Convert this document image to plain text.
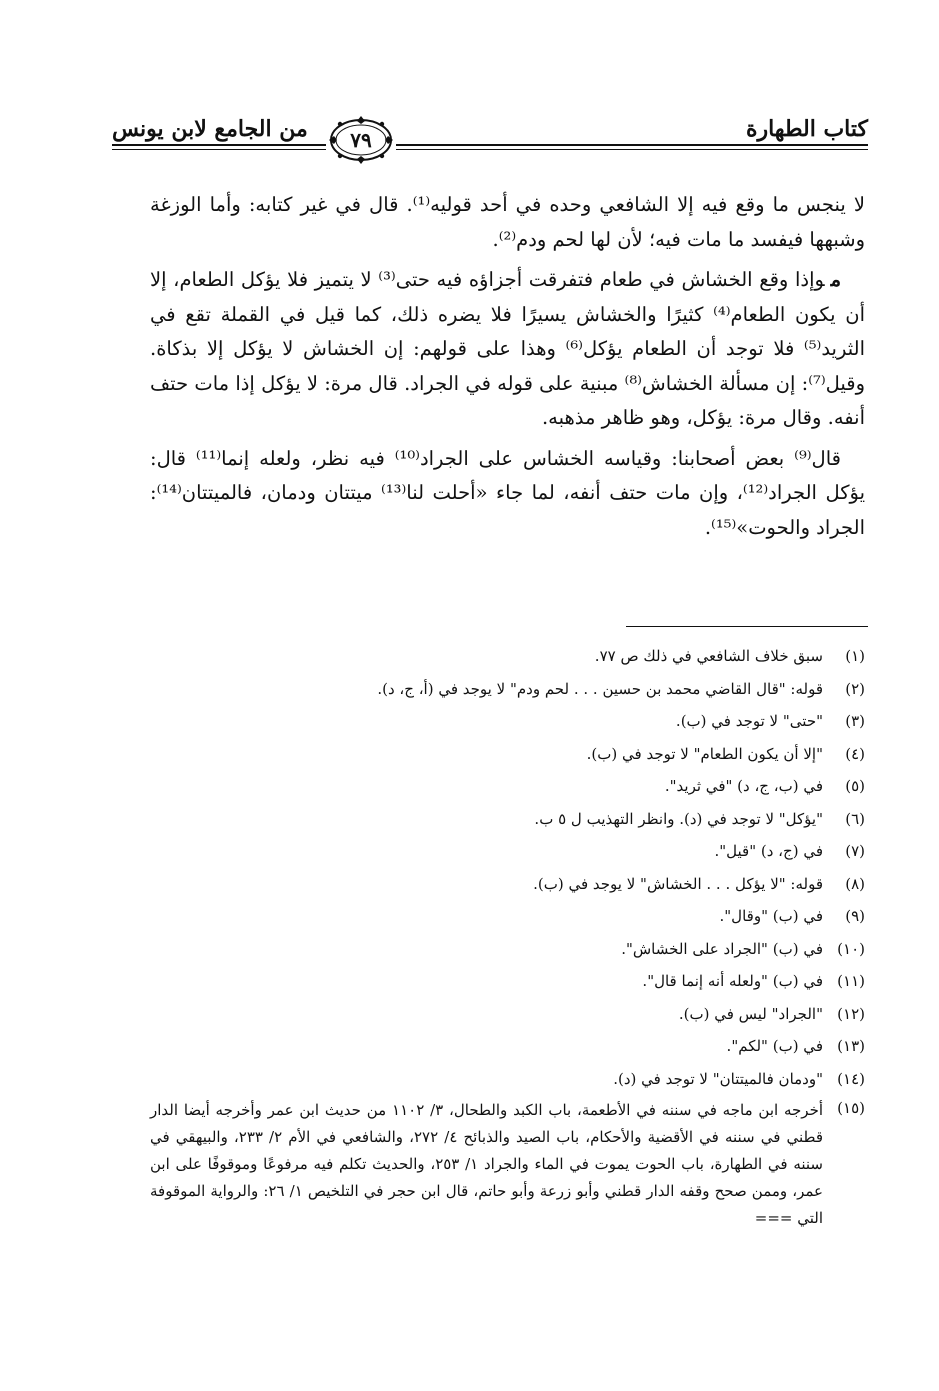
كتاب الطهارة
من الجامع لابن يونس	٧٩

لا ينجس ما وقع فيه إلا الشافعي وحده في أحد قوليه⁽¹⁾. قال في غير كتابه: وأما الوزغة وشبهها فيفسد ما مات فيه؛ لأن لها لحم ودم⁽²⁾.

موإذا وقع الخشاش في طعام فتفرقت أجزاؤه فيه حتى⁽³⁾ لا يتميز فلا يؤكل الطعام، إلا أن يكون الطعام⁽⁴⁾ كثيرًا والخشاش يسيرًا فلا يضره ذلك، كما قيل في القملة تقع في الثريد⁽⁵⁾ فلا توجد أن الطعام يؤكل⁽⁶⁾ وهذا على قولهم: إن الخشاش لا يؤكل إلا بذكاة. وقيل⁽⁷⁾: إن مسألة الخشاش⁽⁸⁾ مبنية على قوله في الجراد. قال مرة: لا يؤكل إذا مات حتف أنفه. وقال مرة: يؤكل، وهو ظاهر مذهبه.

قال⁽⁹⁾ بعض أصحابنا: وقياسه الخشاس على الجراد⁽¹⁰⁾ فيه نظر، ولعله إنما⁽¹¹⁾ قال: يؤكل الجراد⁽¹²⁾، وإن مات حتف أنفه، لما جاء «أحلت لنا⁽¹³⁾ ميتتان ودمان، فالميتتان⁽¹⁴⁾: الجراد والحوت»⁽¹⁵⁾.

(١)
سبق خلاف الشافعي في ذلك ص ٧٧.
(٢)
قوله: "قال القاضي محمد بن حسين . . . لحم ودم" لا يوجد في (أ، ج، د).
(٣)
"حتى" لا توجد في (ب).
(٤)
"إلا أن يكون الطعام" لا توجد في (ب).
(٥)
في (ب، ج، د) "في ثريد".
(٦)
"يؤكل" لا توجد في (د). وانظر التهذيب ل ٥ ب.
(٧)
في (ج، د) "قيل".
(٨)
قوله: "لا يؤكل . . . الخشاش" لا يوجد في (ب).
(٩)
في (ب) "وقال".
(١٠)
في (ب) "الجراد على الخشاش".
(١١)
في (ب) "ولعله أنه إنما قال".
(١٢)
"الجراد" ليس في (ب).
(١٣)
في (ب) "لكم".
(١٤)
"ودمان فالميتتان" لا توجد في (د).
(١٥)
أخرجه ابن ماجه في سننه في الأطعمة، باب الكبد والطحال، ٣/ ١١٠٢ من حديث ابن عمر وأخرجه أيضا الدار قطني في سننه في الأقضية والأحكام، باب الصيد والذبائح ٤/ ٢٧٢، والشافعي في الأم ٢/ ٢٣٣، والبيهقي في سننه في الطهارة، باب الحوت يموت في الماء والجراد ١/ ٢٥٣، والحديث تكلم فيه مرفوعًا وموقوفًا على ابن عمر، وممن صحح وقفه الدار قطني وأبو زرعة وأبو حاتم، قال ابن حجر في التلخيص ١/ ٢٦: والرواية الموقوفة التي ===
